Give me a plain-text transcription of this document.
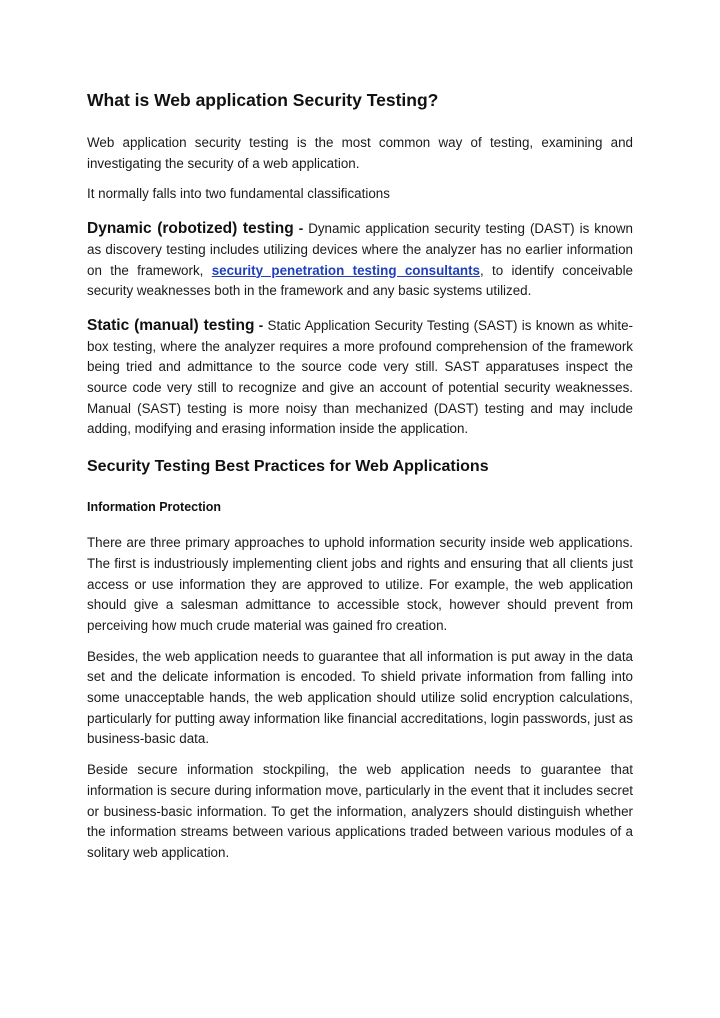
What is Web application Security Testing?

Web application security testing is the most common way of testing, examining and investigating the security of a web application.

It normally falls into two fundamental classifications

Dynamic (robotized) testing - Dynamic application security testing (DAST) is known as discovery testing includes utilizing devices where the analyzer has no earlier information on the framework, security penetration testing consultants, to identify conceivable security weaknesses both in the framework and any basic systems utilized.

Static (manual) testing - Static Application Security Testing (SAST) is known as white-box testing, where the analyzer requires a more profound comprehension of the framework being tried and admittance to the source code very still. SAST apparatuses inspect the source code very still to recognize and give an account of potential security weaknesses. Manual (SAST) testing is more noisy than mechanized (DAST) testing and may include adding, modifying and erasing information inside the application.

Security Testing Best Practices for Web Applications
Information Protection

There are three primary approaches to uphold information security inside web applications. The first is industriously implementing client jobs and rights and ensuring that all clients just access or use information they are approved to utilize. For example, the web application should give a salesman admittance to accessible stock, however should prevent from perceiving how much crude material was gained fro creation.

Besides, the web application needs to guarantee that all information is put away in the data set and the delicate information is encoded. To shield private information from falling into some unacceptable hands, the web application should utilize solid encryption calculations, particularly for putting away information like financial accreditations, login passwords, just as business-basic data.

Beside secure information stockpiling, the web application needs to guarantee that information is secure during information move, particularly in the event that it includes secret or business-basic information. To get the information, analyzers should distinguish whether the information streams between various applications traded between various modules of a solitary web application.
